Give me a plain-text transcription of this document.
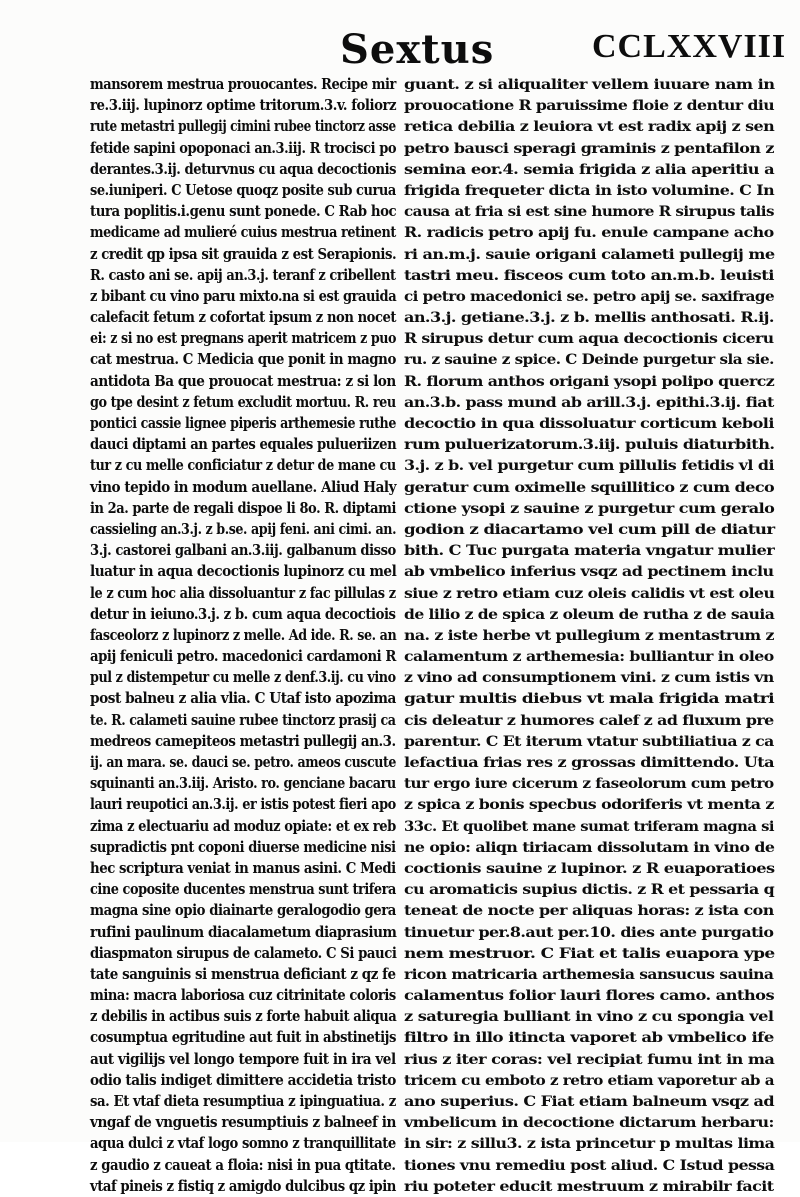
Sextus	CCLXXVIII
mansorem mestrua prouocantes. Recipe mir
re.3.iij. lupinorz optime tritorum.3.v. foliorz
rute metastri pullegij cimini rubee tinctorz asse
fetide sapini opoponaci an.3.iij. R trocisci po
derantes.3.ij. deturvnus cu aqua decoctionis
se.iuniperi. C Uetose quoqz posite sub curua
tura poplitis.i.genu sunt ponede. C Rab hoc
medicame ad mulieré cuius mestrua retinent
z credit qp ipsa sit grauida z est Serapionis.
R. casto ani se. apij an.3.j. teranf z cribellent
z bibant cu vino paru mixto.na si est grauida
calefacit fetum z cofortat ipsum z non nocet
ei: z si no est pregnans aperit matricem z puo
cat mestrua. C Medicia que ponit in magno
antidota Ba que prouocat mestrua: z si lon
go tpe desint z fetum excludit mortuu. R. reu
pontici cassie lignee piperis arthemesie ruthe
dauci diptami an partes equales pulueriizen
tur z cu melle conficiatur z detur de mane cu
vino tepido in modum auellane. Aliud Haly
in 2a. parte de regali dispoe li 8o. R. diptami
cassieling an.3.j. z b.se. apij feni. ani cimi. an.
3.j. castorei galbani an.3.iij. galbanum disso
luatur in aqua decoctionis lupinorz cu mel
le z cum hoc alia dissoluantur z fac pillulas z
detur in ieiuno.3.j. z b. cum aqua decoctiois
fasceolorz z lupinorz z melle. Ad ide. R. se. an
apij feniculi petro. macedonici cardamoni R
pul z distempetur cu melle z denf.3.ij. cu vino
post balneu z alia vlia. C Utaf isto apozima
te. R. calameti sauine rubee tinctorz prasij ca
medreos camepiteos metastri pullegij an.3.
ij. an mara. se. dauci se. petro. ameos cuscute
squinanti an.3.iij. Aristo. ro. genciane bacaru
lauri reupotici an.3.ij. er istis potest fieri apo
zima z electuariu ad moduz opiate: et ex reb
supradictis pnt coponi diuerse medicine nisi
hec scriptura veniat in manus asini. C Medi
cine coposite ducentes menstrua sunt trifera
magna sine opio diainarte geralogodio gera
rufini paulinum diacalametum diaprasium
diaspmaton sirupus de calameto. C Si pauci
tate sanguinis si menstrua deficiant z qz fe
mina: macra laboriosa cuz citrinitate coloris
z debilis in actibus suis z forte habuit aliqua
cosumptua egritudine aut fuit in abstinetijs
aut vigilijs vel longo tempore fuit in ira vel
odio talis indiget dimittere accidetia tristo
sa. Et vtaf dieta resumptiua z ipinguatiua. z
vngaf de vnguetis resumptiuis z balneef in
aqua dulci z vtaf logo somno z tranquillitate
z gaudio z caueat a floia: nisi in pua qtitate.
vtaf pineis z fistiq z amigdo dulcibus qz ipin
guant. z si aliqualiter vellem iuuare nam in
prouocatione R paruissime floie z dentur diu
retica debilia z leuiora vt est radix apij z sen
petro bausci speragi graminis z pentafilon z
semina eor.4. semia frigida z alia aperitiu a
frigida frequeter dicta in isto volumine. C In
causa at fria si est sine humore R sirupus talis
R. radicis petro apij fu. enule campane acho
ri an.m.j. sauie origani calameti pullegij me
tastri meu. fisceos cum toto an.m.b. leuisti
ci petro macedonici se. petro apij se. saxifrage
an.3.j. getiane.3.j. z b. mellis anthosati. R.ij.
R sirupus detur cum aqua decoctionis ciceru
ru. z sauine z spice. C Deinde purgetur sla sie.
R. florum anthos origani ysopi polipo quercz
an.3.b. pass mund ab arill.3.j. epithi.3.ij. fiat
decoctio in qua dissoluatur corticum keboli
rum puluerizatorum.3.iij. puluis diaturbith.
3.j. z b. vel purgetur cum pillulis fetidis vl di
geratur cum oximelle squillitico z cum deco
ctione ysopi z sauine z purgetur cum geralo
godion z diacartamo vel cum pill de diatur
bith. C Tuc purgata materia vngatur mulier
ab vmbelico inferius vsqz ad pectinem inclu
siue z retro etiam cuz oleis calidis vt est oleu
de lilio z de spica z oleum de rutha z de sauia
na. z iste herbe vt pullegium z mentastrum z
calamentum z arthemesia: bulliantur in oleo
z vino ad consumptionem vini. z cum istis vn
gatur multis diebus vt mala frigida matri
cis deleatur z humores calef z ad fluxum pre
parentur. C Et iterum vtatur subtiliatiua z ca
lefactiua frias res z grossas dimittendo. Uta
tur ergo iure cicerum z faseolorum cum petro
z spica z bonis specbus odoriferis vt menta z
33c. Et quolibet mane sumat triferam magna si
ne opio: aliqn tiriacam dissolutam in vino de
coctionis sauine z lupinor. z R euaporatioes
cu aromaticis supius dictis. z R et pessaria q
teneat de nocte per aliquas horas: z ista con
tinuetur per.8.aut per.10. dies ante purgatio
nem mestruor. C Fiat et talis euapora ype
ricon matricaria arthemesia sansucus sauina
calamentus folior lauri flores camo. anthos
z saturegia bulliant in vino z cu spongia vel
filtro in illo itincta vaporet ab vmbelico ife
rius z iter coras: vel recipiat fumu int in ma
tricem cu emboto z retro etiam vaporetur ab a
ano superius. C Fiat etiam balneum vsqz ad
vmbelicum in decoctione dictarum herbaru:
in sir: z sillu3. z ista princetur p multas lima
tiones vnu remediu post aliud. C Istud pessa
riu poteter educit mestruum z mirabilr facit
